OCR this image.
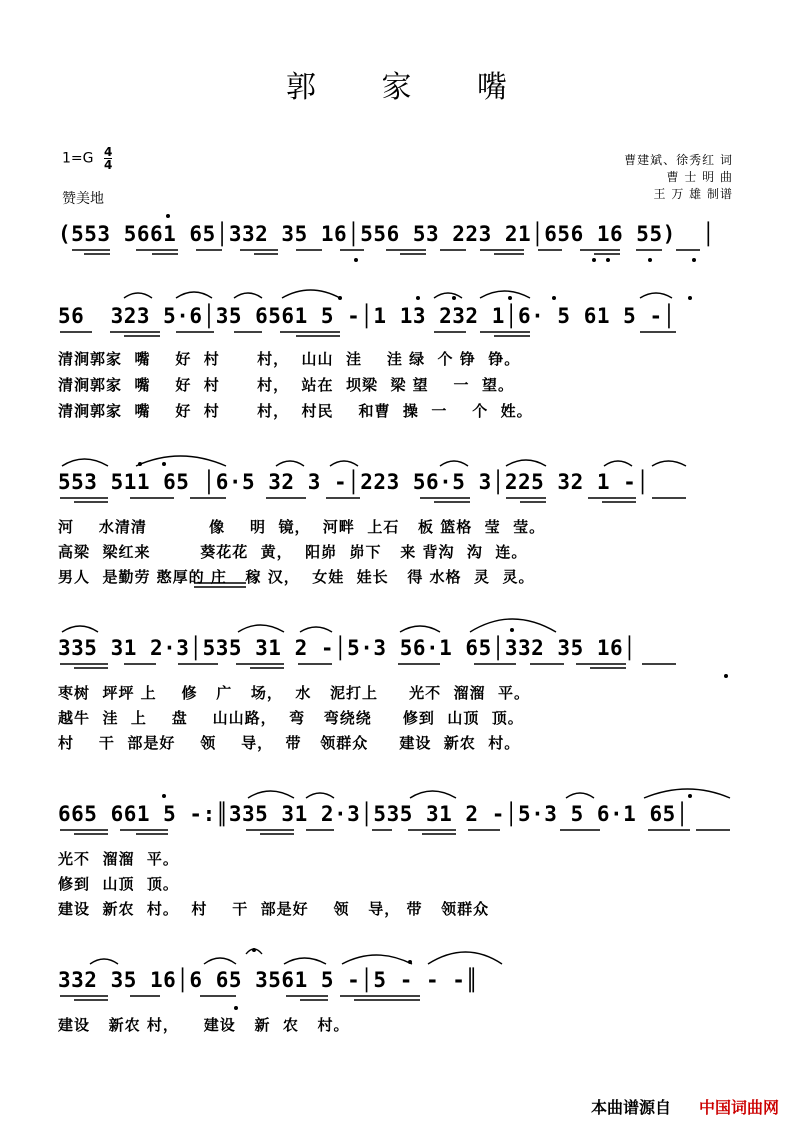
郭 家 嘴
$1=G \frac{4}{4}$
赞美地
曹建斌、徐秀红 词
曹 士 明 曲
王 万 雄 制谱
(553 5661 65│332 35 16│556 53 223 21│656 16 55)  │
56  323 5·6│35 6561 5 -│1 13 232 1│6· 5 61 5 -│
清涧郭家  嘴    好  村      村，  山山  洼    洼 绿  个 铮  铮。
清涧郭家  嘴    好  村      村，  站在  坝梁  梁 望    一  望。
清涧郭家  嘴    好  村      村，  村民    和曹  操  一    个  姓。
553 511 65 │6·5 32 3 -│223 56·5 3│225 32 1 -│
河    水清清          像    明  镜，  河畔  上石   板 篮格  莹  莹。
高梁  梁红来        葵花花  黄，  阳峁  峁下   来 背沟  沟  连。
男人  是勤劳 憨厚的 庄   稼 汉，  女娃  娃长   得 水格  灵  灵。
335 31 2·3│535 31 2 -│5·3 56·1 65│332 35 16│
枣树  坪坪 上    修   广   场，  水   泥打上     光不  溜溜  平。
越牛  洼  上    盘    山山路，  弯   弯绕绕     修到  山顶  顶。
村    干  部是好    领    导，  带   领群众     建设  新农  村。
665 661 5 -:║335 31 2·3│535 31 2 -│5·3 5 6·1 65│
光不  溜溜  平。
修到  山顶  顶。
建设  新农  村。  村    干  部是好    领   导， 带   领群众
332 35 16│6 65 3561 5 -│5 - - -║
建设   新农 村，    建设   新  农   村。
本曲谱源自 中国词曲网
